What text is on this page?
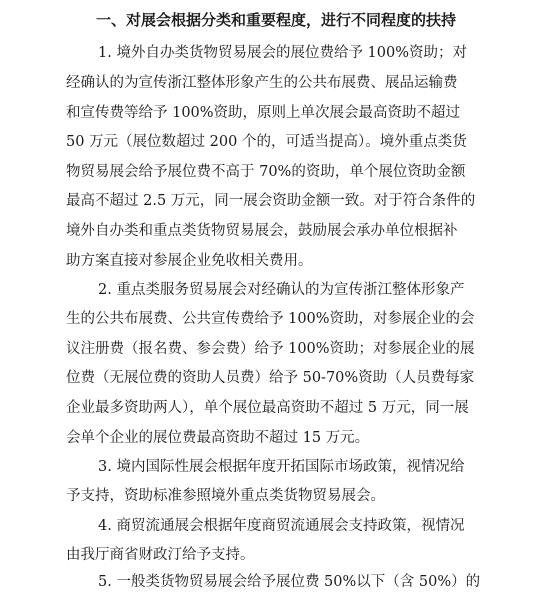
一、对展会根据分类和重要程度，进行不同程度的扶持
1. 境外自办类货物贸易展会的展位费给予 100%资助；对
经确认的为宣传浙江整体形象产生的公共布展费、展品运输费
和宣传费等给予 100%资助，原则上单次展会最高资助不超过
50 万元（展位数超过 200 个的，可适当提高）。境外重点类货
物贸易展会给予展位费不高于 70%的资助，单个展位资助金额
最高不超过 2.5 万元，同一展会资助金额一致。对于符合条件的
境外自办类和重点类货物贸易展会，鼓励展会承办单位根据补
助方案直接对参展企业免收相关费用。
2. 重点类服务贸易展会对经确认的为宣传浙江整体形象产
生的公共布展费、公共宣传费给予 100%资助，对参展企业的会
议注册费（报名费、参会费）给予 100%资助；对参展企业的展
位费（无展位费的资助人员费）给予 50-70%资助（人员费每家
企业最多资助两人），单个展位最高资助不超过 5 万元，同一展
会单个企业的展位费最高资助不超过 15 万元。
3. 境内国际性展会根据年度开拓国际市场政策，视情况给
予支持，资助标准参照境外重点类货物贸易展会。
4. 商贸流通展会根据年度商贸流通展会支持政策，视情况
由我厅商省财政汀给予支持。
5. 一般类货物贸易展会给予展位费 50%以下（含 50%）的
